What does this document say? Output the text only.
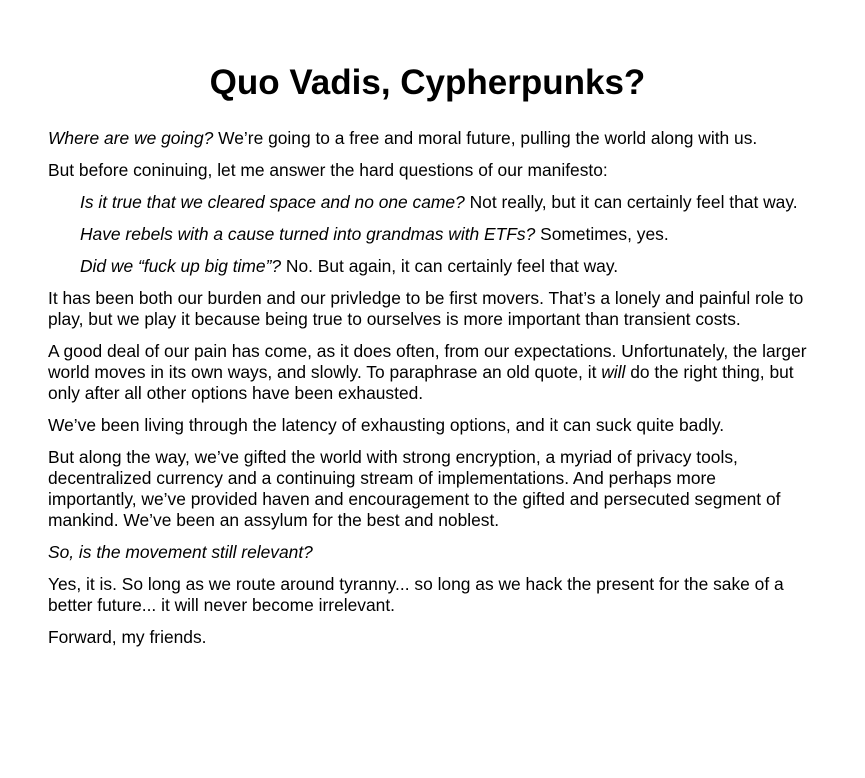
Quo Vadis, Cypherpunks?

Where are we going? We’re going to a free and moral future, pulling the world along with us.

But before coninuing, let me answer the hard questions of our manifesto:

Is it true that we cleared space and no one came? Not really, but it can certainly feel that way.

Have rebels with a cause turned into grandmas with ETFs? Sometimes, yes.

Did we “fuck up big time”? No. But again, it can certainly feel that way.

It has been both our burden and our privledge to be first movers. That’s a lonely and painful role to play, but we play it because being true to ourselves is more important than transient costs.

A good deal of our pain has come, as it does often, from our expectations. Unfortunately, the larger world moves in its own ways, and slowly. To paraphrase an old quote, it will do the right thing, but only after all other options have been exhausted.

We’ve been living through the latency of exhausting options, and it can suck quite badly.

But along the way, we’ve gifted the world with strong encryption, a myriad of privacy tools, decentralized currency and a continuing stream of implementations. And perhaps more importantly, we’ve provided haven and encouragement to the gifted and persecuted segment of mankind. We’ve been an assylum for the best and noblest.

So, is the movement still relevant?

Yes, it is. So long as we route around tyranny... so long as we hack the present for the sake of a better future... it will never become irrelevant.

Forward, my friends.
